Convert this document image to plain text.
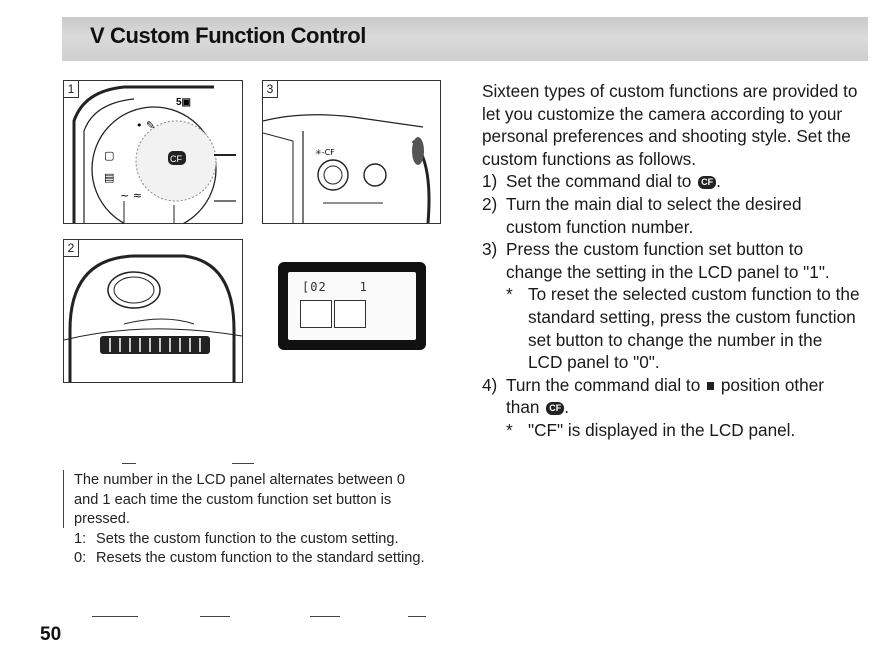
V Custom Function Control
1
CF
• ✎
▢
▤
~ ≈
5▣
3
✳-CF
2
[02    1

Sixteen types of custom functions are provided to let you customize the camera according to your personal preferences and shooting style. Set the custom functions as follows.

1) Set the command dial to CF .

2) Turn the main dial to select the desired custom function number.

3) Press the custom function set button to change the setting in the LCD panel to "1".

* To reset the selected custom function to the standard setting, press the custom function set button to change the number in the LCD panel to "0".

4) Turn the command dial to position other than CF .

* "CF" is displayed in the LCD panel.

The number in the LCD panel alternates between 0 and 1 each time the custom function set button is pressed.

1: Sets the custom function to the custom setting.

0: Resets the custom function to the standard setting.

50
